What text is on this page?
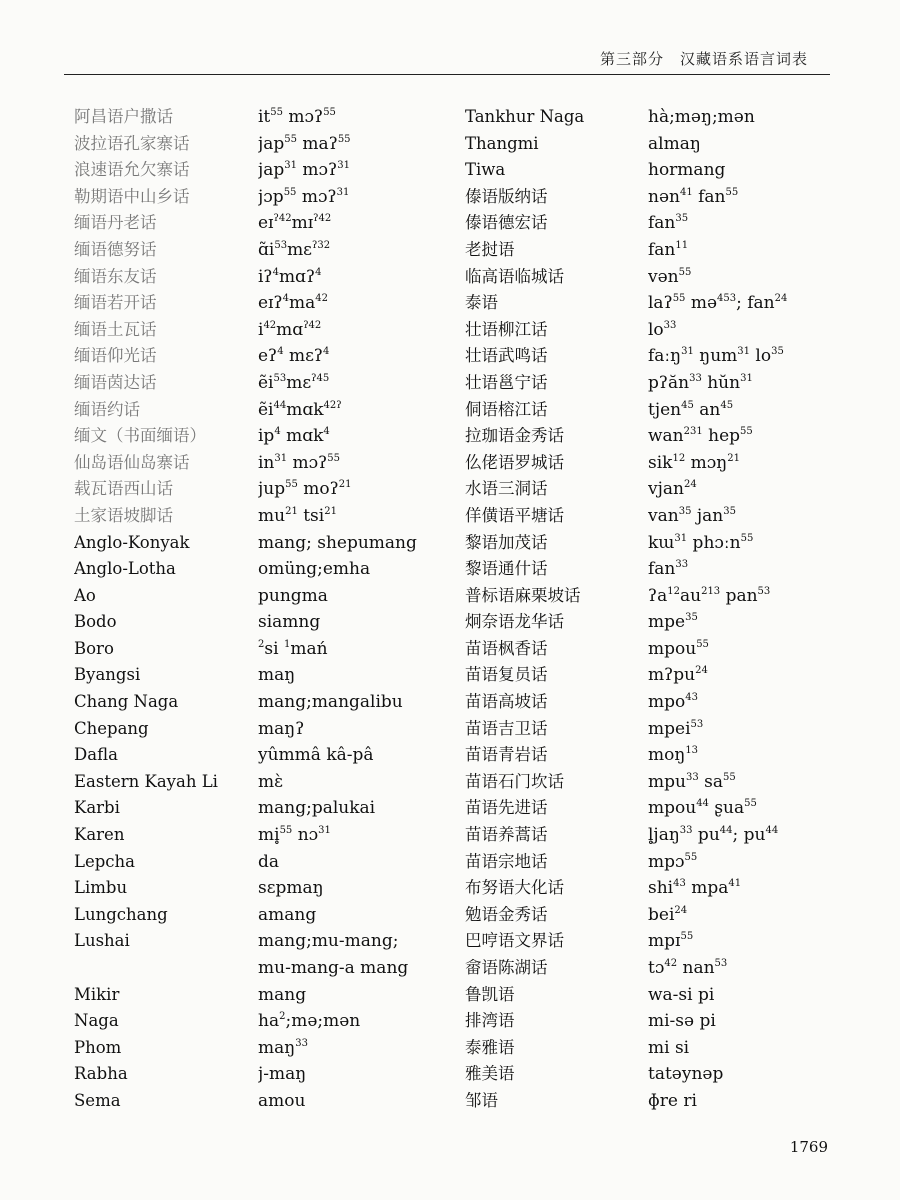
第三部分　汉藏语系语言词表
阿昌语户撒话
波拉语孔家寨话
浪速语允欠寨话
勒期语中山乡话
缅语丹老话
缅语德努话
缅语东友话
缅语若开话
缅语土瓦话
缅语仰光话
缅语茵达话
缅语约话
缅文（书面缅语）
仙岛语仙岛寨话
载瓦语西山话
土家语坡脚话
Anglo-Konyak
Anglo-Lotha
Ao
Bodo
Boro
Byangsi
Chang Naga
Chepang
Dafla
Eastern Kayah Li
Karbi
Karen
Lepcha
Limbu
Lungchang
Lushai
Mikir
Naga
Phom
Rabha
Sema
$it^{55}$ mɔʔ$^{55}$
jap$^{55}$ maʔ$^{55}$
jap$^{31}$ mɔʔ$^{31}$
jɔp$^{55}$ mɔʔ$^{31}$
eɪ$^{ʔ42}$mɪ$^{ʔ42}$
$ɑ̃i^{53}mɛ^{ʔ32}$
iʔ$^4$mɑʔ$^4$
$eɪʔ^4ma^{42}$
$i^{42}mɑ^{ʔ42}$
eʔ$^4$ mɛʔ$^4$
ẽi$^{53}$mɛ$^{ʔ45}$
ẽi$^{44}$mɑk$^{42ʔ}$
$ip^4$ mɑk$^4$
$in^{31}$ mɔʔ$^{55}$
jup$^{55}$ moʔ$^{21}$
$mu^{21}$ tsi$^{21}$
mang; shepumang
omüng;emha
pungma
siamng
$^2$si $^1$mań
maŋ
mang;mangalibu
maŋʔ
yûmmâ kâ-pâ
mɛ̀
mang;palukai
mi̥$^{55}$ nɔ$^{31}$
da
sɛpmaŋ
amang
mang;mu-mang;
mu-mang-a mang
mang
$ha^2;mə;mən$
maŋ$^{33}$
j-maŋ
amou
Tankhur Naga
Thangmi
Tiwa
傣语版纳话
傣语德宏话
老挝语
临高语临城话
泰语
壮语柳江话
壮语武鸣话
壮语邕宁话
侗语榕江话
拉珈语金秀话
仫佬语罗城话
水语三洞话
佯僙语平塘话
黎语加茂话
黎语通什话
普标语麻栗坡话
炯奈语龙华话
苗语枫香话
苗语复员话
苗语高坡话
苗语吉卫话
苗语青岩话
苗语石门坎话
苗语先进话
苗语养蒿话
苗语宗地话
布努语大化话
勉语金秀话
巴哼语文界话
畲语陈湖话
鲁凯语
排湾语
泰雅语
雅美语
邹语
hà;məŋ;mən
almaŋ
hormang
nən$^{41}$ fan$^{55}$
fan$^{35}$
fan$^{11}$
vən$^{55}$
laʔ$^{55}$ mə$^{453}$; fan$^{24}$
$lo^{33}$
faːŋ$^{31}$ ŋum$^{31}$ $lo^{35}$
pʔăn$^{33}$ hŭn$^{31}$
tjen$^{45}$ $an^{45}$
wan$^{231}$ hep$^{55}$
sik$^{12}$ mɔŋ$^{21}$
vjan$^{24}$
van$^{35}$ jan$^{35}$
kɯ$^{31}$ phɔːn$^{55}$
fan$^{33}$
$ʔa^{12}au^{213}$ pan$^{53}$
mpe$^{35}$
mpou$^{55}$
mʔpu$^{24}$
mpo$^{43}$
mpei$^{53}$
moŋ$^{13}$
mpu$^{33}$ $sa^{55}$
mpou$^{44}$ ʂua$^{55}$
l̥jaŋ$^{33}$ $pu^{44}$; $pu^{44}$
mpɔ$^{55}$
shi$^{43}$ mpa$^{41}$
bei$^{24}$
mpɪ$^{55}$
tɔ$^{42}$ nan$^{53}$
wa-si pi
mi-sə pi
mi si
tatəynəp
ɸre ri
1769
